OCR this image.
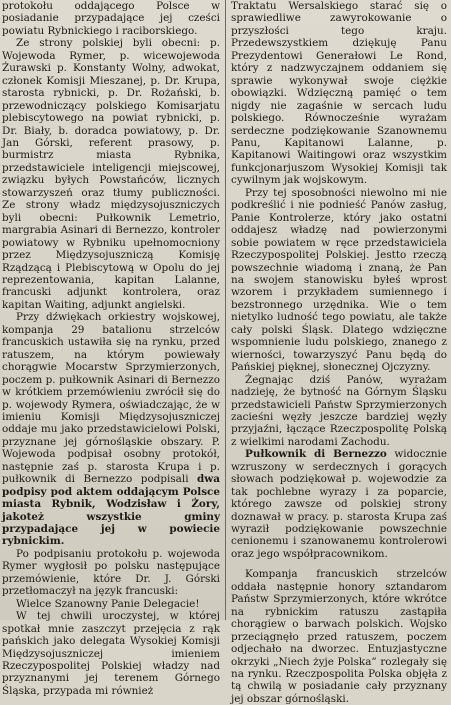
protokołu oddającego Polsce w posiadanie przypadające jej cześci powiatu Rybnickiego i raciborskiego.

Ze strony polskiej byli obecni: p. Wojewoda Rymer, p. wicewojewoda Żurawski p. Konstanty Wolny, adwokat, członek Komisji Mieszanej, p. Dr. Krupa, starosta rybnicki, p. Dr. Rożański, b. przewodniczący polskiego Komisarjatu plebiscytowego na powiat rybnicki, p. Dr. Biały, b. doradca powiatowy, p. Dr. Jan Górski, referent prasowy, p. burmistrz miasta Rybnika, przedstawiciele inteligencji miejscowej, związku byłych Powstańców, licznych stowarzyszeń oraz tłumy publiczności. Ze strony władz międzysojuszniczych byli obecni: Pułkownik Lemetrio, margrabia Asinari di Bernezzo, kontroler powiatowy w Rybniku upełnomocniony przez Międzysojuszniczą Komisję Rządzącą i Plebiscytową w Opolu do jej reprezentowania, kapitan Lalanne, francuski adjunkt kontrolera, oraz kapitan Waiting, adjunkt angielski.

Przy dźwiękach orkiestry wojskowej, kompanja 29 batalionu strzelców francuskich ustawiła się na rynku, przed ratuszem, na którym powiewały chorągwie Mocarstw Sprzymierzonych, poczem p. pułkownik Asinari di Bernezzo w krótkiem przemówieniu zwrócił się do p. wojewody Rymera, oświadczając, że w imieniu Komisji Międzysojuszniczej oddaje mu jako przedstawicielowi Polski, przyznane jej górnośląskie obszary. P. Wojewoda podpisał osobny protokół, następnie zaś p. starosta Krupa i p. pułkownik di Bernezzo podpisali dwa podpisy pod aktem oddającym Polsce miasta Rybnik, Wodzisław i Żory, jakoteż wszystkie gminy przypadające jej w powiecie rybnickim.

Po podpisaniu protokołu p. wojewoda Rymer wygłosił po polsku następujące przemówienie, które Dr. J. Górski przetłomaczył na język francuski:

Wielce Szanowny Panie Delegacie!

W tej chwili uroczystej, w której spotkał mnie zaszczyt przejęcia z rąk pańskich jako delegata Wysokiej Komisji Międzysojuszniczej imieniem Rzeczypospolitej Polskiej władzy nad przyznanymi jej terenem Górnego Śląska, przypada mi również

Traktatu Wersalskiego starać się o sprawiedliwe zawyrokowanie o przyszłości tego kraju. Przedewszystkiem dziękuję Panu Prezydentowi Generałowi Le Rond, który z nadzwyczajnem oddaniem się sprawie wykonywał swoje ciężkie obowiązki. Wdzięczną pamięć o tem nigdy nie zagaśnie w sercach ludu polskiego. Równocześnie wyrażam serdeczne podziękowanie Szanownemu Panu, Kapitanowi Lalanne, p. Kapitanowi Waitingowi oraz wszystkim funkcjonarjuszom Wysokiej Komisji tak cywilnym jak wojskowym.

Przy tej sposobności niewolno mi nie podkreślić i nie podnieść Panów zasług, Panie Kontrolerze, który jako ostatni oddajesz władzę nad powierzonymi sobie powiatem w ręce przedstawiciela Rzeczypospolitej Polskiej. Jestto rzeczą powszechnie wiadomą i znaną, że Pan na swojem stanowisku byłeś wprost wzorem i przykładem sumiennego i bezstronnego urzędnika. Wie o tem nietylko ludność tego powiatu, ale także cały polski Śląsk. Dlatego wdzięczne wspomnienie ludu polskiego, znanego z wierności, towarzyszyć Panu będą do Pańskiej pięknej, słonecznej Ojczyzny.

Żegnając dziś Panów, wyrażam nadzieję, że bytność na Górnym Śląsku przedstawicieli Państw Sprzymierzonych zacieśni węzły jeszcze bardziej węzły przyjaźni, łączące Rzeczpospolitę Polską z wielkimi narodami Zachodu.

Pułkownik di Bernezzo widocznie wzruszony w serdecznych i gorących słowach podziękował p. wojewodzie za tak pochlebne wyrazy i za poparcie, którego zawsze od polskiej strony doznawał w pracy. p. starosta Krupa zaś wyraził podziękowanie powszechnie cenionemu i szanowanemu kontrolerowi oraz jego współpracownikom.

Kompanja francuskich strzelców oddała następnie honory sztandarom Państw Sprzymierzonych, które wkrótce na rybnickim ratuszu zastąpiła chorągiew o barwach polskich. Wojsko przeciągnęło przed ratuszem, poczem odjechało na dworzec. Entuzjastyczne okrzyki „Niech żyje Polska” rozlegały się na rynku. Rzeczpospolita Polska objęła z tą chwilą w posiadanie cały przyznany jej obszar górnośląski.
